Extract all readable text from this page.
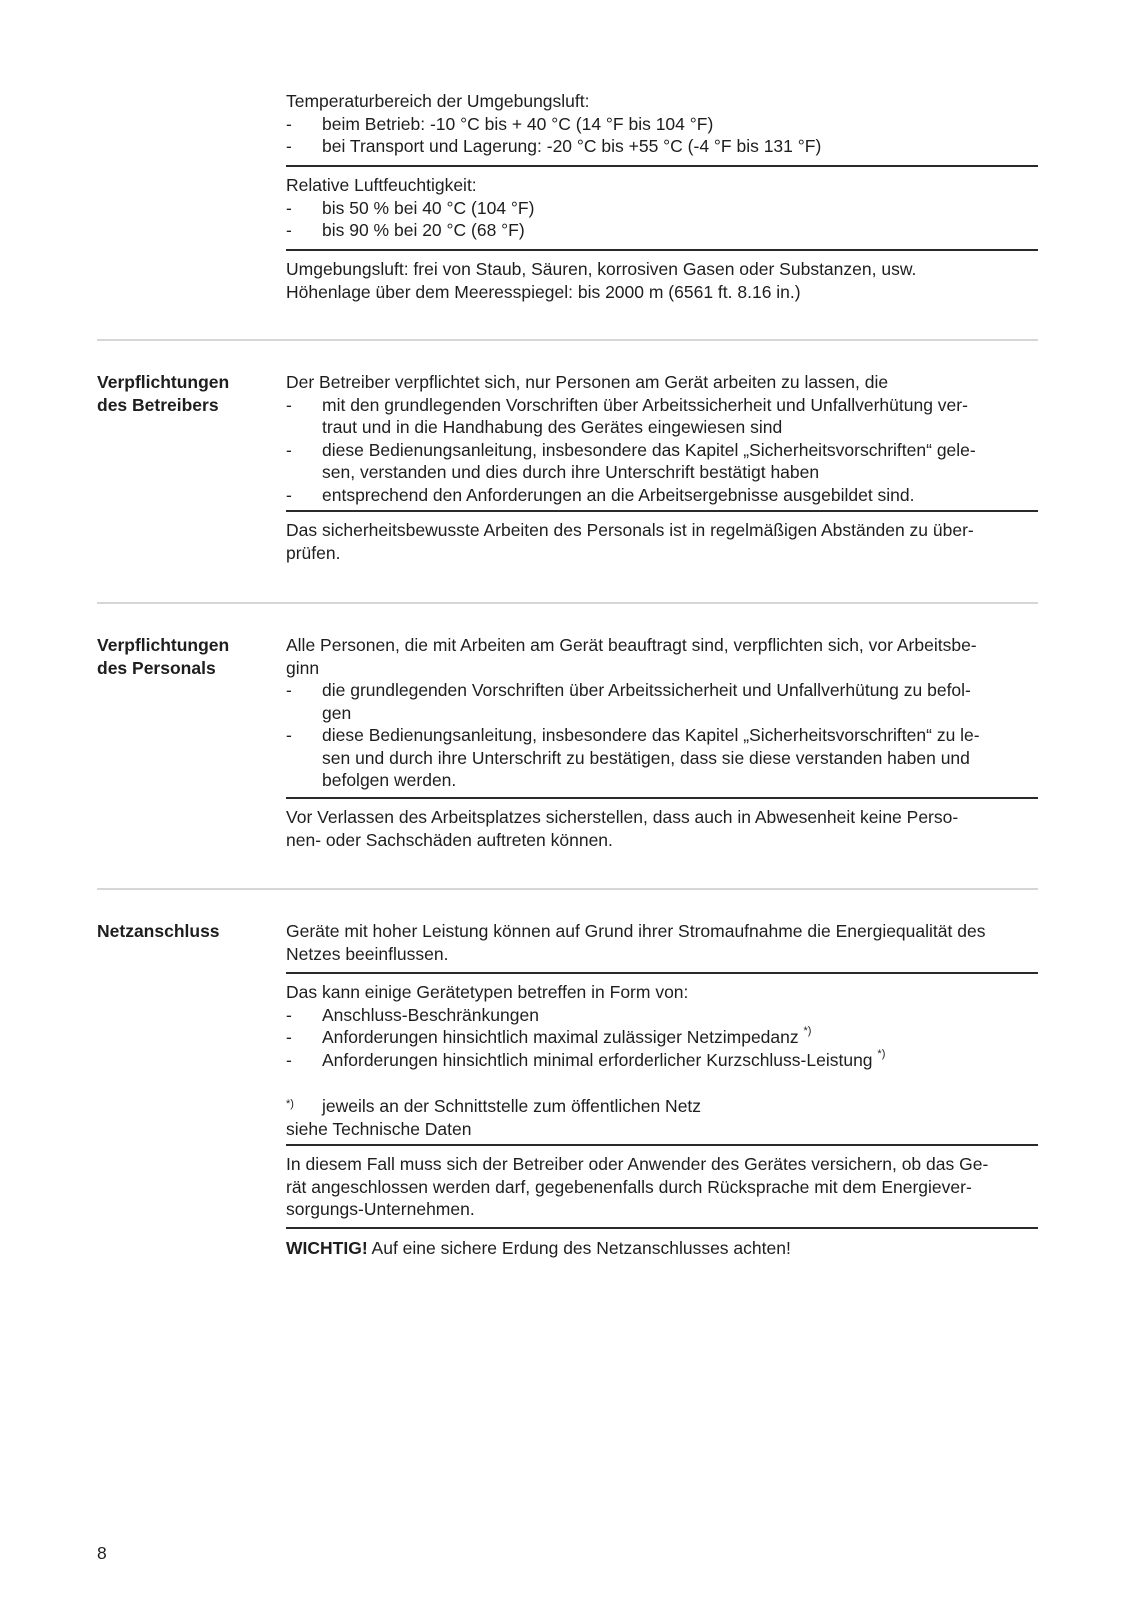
Temperaturbereich der Umgebungsluft:
- beim Betrieb: -10 °C bis + 40 °C (14 °F bis 104 °F)
- bei Transport und Lagerung: -20 °C bis +55 °C (-4 °F bis 131 °F)
Relative Luftfeuchtigkeit:
- bis 50 % bei 40 °C (104 °F)
- bis 90 % bei 20 °C (68 °F)
Umgebungsluft: frei von Staub, Säuren, korrosiven Gasen oder Substanzen, usw.
Höhenlage über dem Meeresspiegel: bis 2000 m (6561 ft. 8.16 in.)
Verpflichtungen
des Betreibers
Der Betreiber verpflichtet sich, nur Personen am Gerät arbeiten zu lassen, die
- mit den grundlegenden Vorschriften über Arbeitssicherheit und Unfallverhütung ver-
traut und in die Handhabung des Gerätes eingewiesen sind
- diese Bedienungsanleitung, insbesondere das Kapitel „Sicherheitsvorschriften“ gele-
sen, verstanden und dies durch ihre Unterschrift bestätigt haben
- entsprechend den Anforderungen an die Arbeitsergebnisse ausgebildet sind.
Das sicherheitsbewusste Arbeiten des Personals ist in regelmäßigen Abständen zu über-
prüfen.
Verpflichtungen
des Personals
Alle Personen, die mit Arbeiten am Gerät beauftragt sind, verpflichten sich, vor Arbeitsbe-
ginn
- die grundlegenden Vorschriften über Arbeitssicherheit und Unfallverhütung zu befol-
gen
- diese Bedienungsanleitung, insbesondere das Kapitel „Sicherheitsvorschriften“ zu le-
sen und durch ihre Unterschrift zu bestätigen, dass sie diese verstanden haben und
befolgen werden.
Vor Verlassen des Arbeitsplatzes sicherstellen, dass auch in Abwesenheit keine Perso-
nen- oder Sachschäden auftreten können.
Netzanschluss	Geräte mit hoher Leistung können auf Grund ihrer Stromaufnahme die Energiequalität des
Netzes beeinflussen.
Das kann einige Gerätetypen betreffen in Form von:
- Anschluss-Beschränkungen
- Anforderungen hinsichtlich maximal zulässiger Netzimpedanz *)
- Anforderungen hinsichtlich minimal erforderlicher Kurzschluss-Leistung *)
*) jeweils an der Schnittstelle zum öffentlichen Netz
siehe Technische Daten
In diesem Fall muss sich der Betreiber oder Anwender des Gerätes versichern, ob das Ge-
rät angeschlossen werden darf, gegebenenfalls durch Rücksprache mit dem Energiever-
sorgungs-Unternehmen.
WICHTIG! Auf eine sichere Erdung des Netzanschlusses achten!
8
